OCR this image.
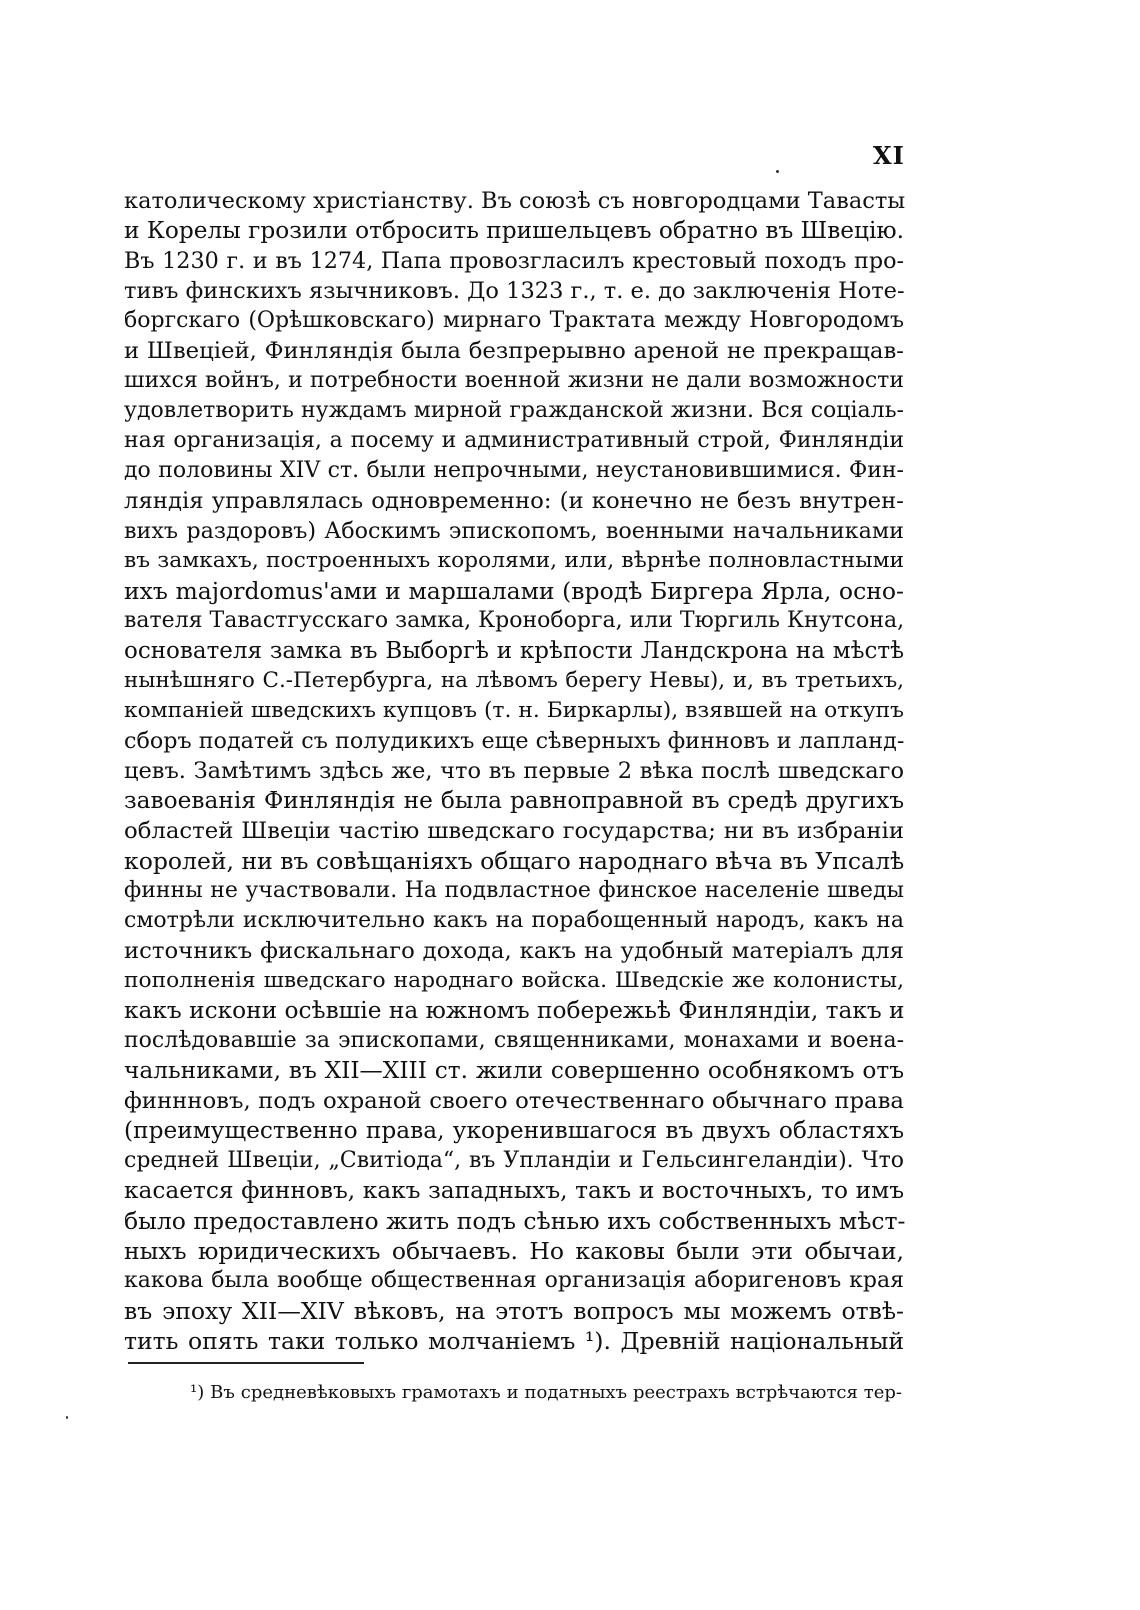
XI
католическому христіанству. Въ союзѣ съ новгородцами Таваcты
и Корелы грозили отбросить пришельцевъ обратно въ Швецію.
Въ 1230 г. и въ 1274, Папа провозгласилъ крестовый походъ про-
тивъ финскихъ язычниковъ. До 1323 г., т. е. до заключенія Ноте-
боргскаго (Орѣшковскаго) мирнаго Трактата между Новгородомъ
и Швеціей, Финляндія была безпрерывно ареной не прекращав-
шихся войнъ, и потребности военной жизни не дали возможности
удовлетворить нуждамъ мирной гражданской жизни. Вся соціаль-
ная организація, а посему и административный строй, Финляндіи
до половины XIV ст. были непрочными, неустановившимися. Фин-
ляндія управлялась одновременно: (и конечно не безъ внутрен-
вихъ раздоровъ) Абоскимъ эпископомъ, военными начальниками
въ замкахъ, построенныхъ королями, или, вѣрнѣе полновластными
ихъ majordomus'ами и маршалами (вродѣ Биргера Ярла, осно-
вателя Тавастгусскаго замка, Кроноборга, или Тюргиль Кнутсона,
основателя замка въ Выборгѣ и крѣпости Ландскрона на мѣстѣ
нынѣшняго С.-Петербурга, на лѣвомъ берегу Невы), и, въ третьихъ,
компаніей шведскихъ купцовъ (т. н. Биркарлы), взявшей на откупъ
сборъ податей съ полудикихъ еще сѣверныхъ финновъ и лапланд-
цевъ. Замѣтимъ здѣсь же, что въ первые 2 вѣка послѣ шведскаго
завоеванія Финляндія не была равноправной въ средѣ другихъ
областей Швеціи частію шведскаго государства; ни въ избраніи
королей, ни въ совѣщаніяхъ общаго народнаго вѣча въ Упсалѣ
финны не участвовали. На подвластное финское населеніе шведы
смотрѣли исключительно какъ на порабощенный народъ, какъ на
источникъ фискальнаго дохода, какъ на удобный матеріалъ для
пополненія шведскаго народнаго войска. Шведскіе же колонисты,
какъ искони осѣвшіе на южномъ побережьѣ Финляндіи, такъ и
послѣдовавшіе за эпископами, священниками, монахами и воена-
чальниками, въ XII—XIII ст. жили совершенно особнякомъ отъ
финнновъ, подъ охраной своего отечественнаго обычнаго права
(преимущественно права, укоренившагося въ двухъ областяхъ
средней Швеціи, „Свитіода“, въ Упландіи и Гельсингеландіи). Что
касается финновъ, какъ западныхъ, такъ и восточныхъ, то имъ
было предоставлено жить подъ сѣнью ихъ собственныхъ мѣст-
ныхъ юридическихъ обычаевъ. Но каковы были эти обычаи,
какова была вообще общественная организація аборигеновъ края
въ эпоху XII—XIV вѣковъ, на этотъ вопросъ мы можемъ отвѣ-
тить опять таки только молчаніемъ ¹). Древній національный
¹) Въ средневѣковыхъ грамотахъ и податныхъ реестрахъ встрѣчаются тер-
